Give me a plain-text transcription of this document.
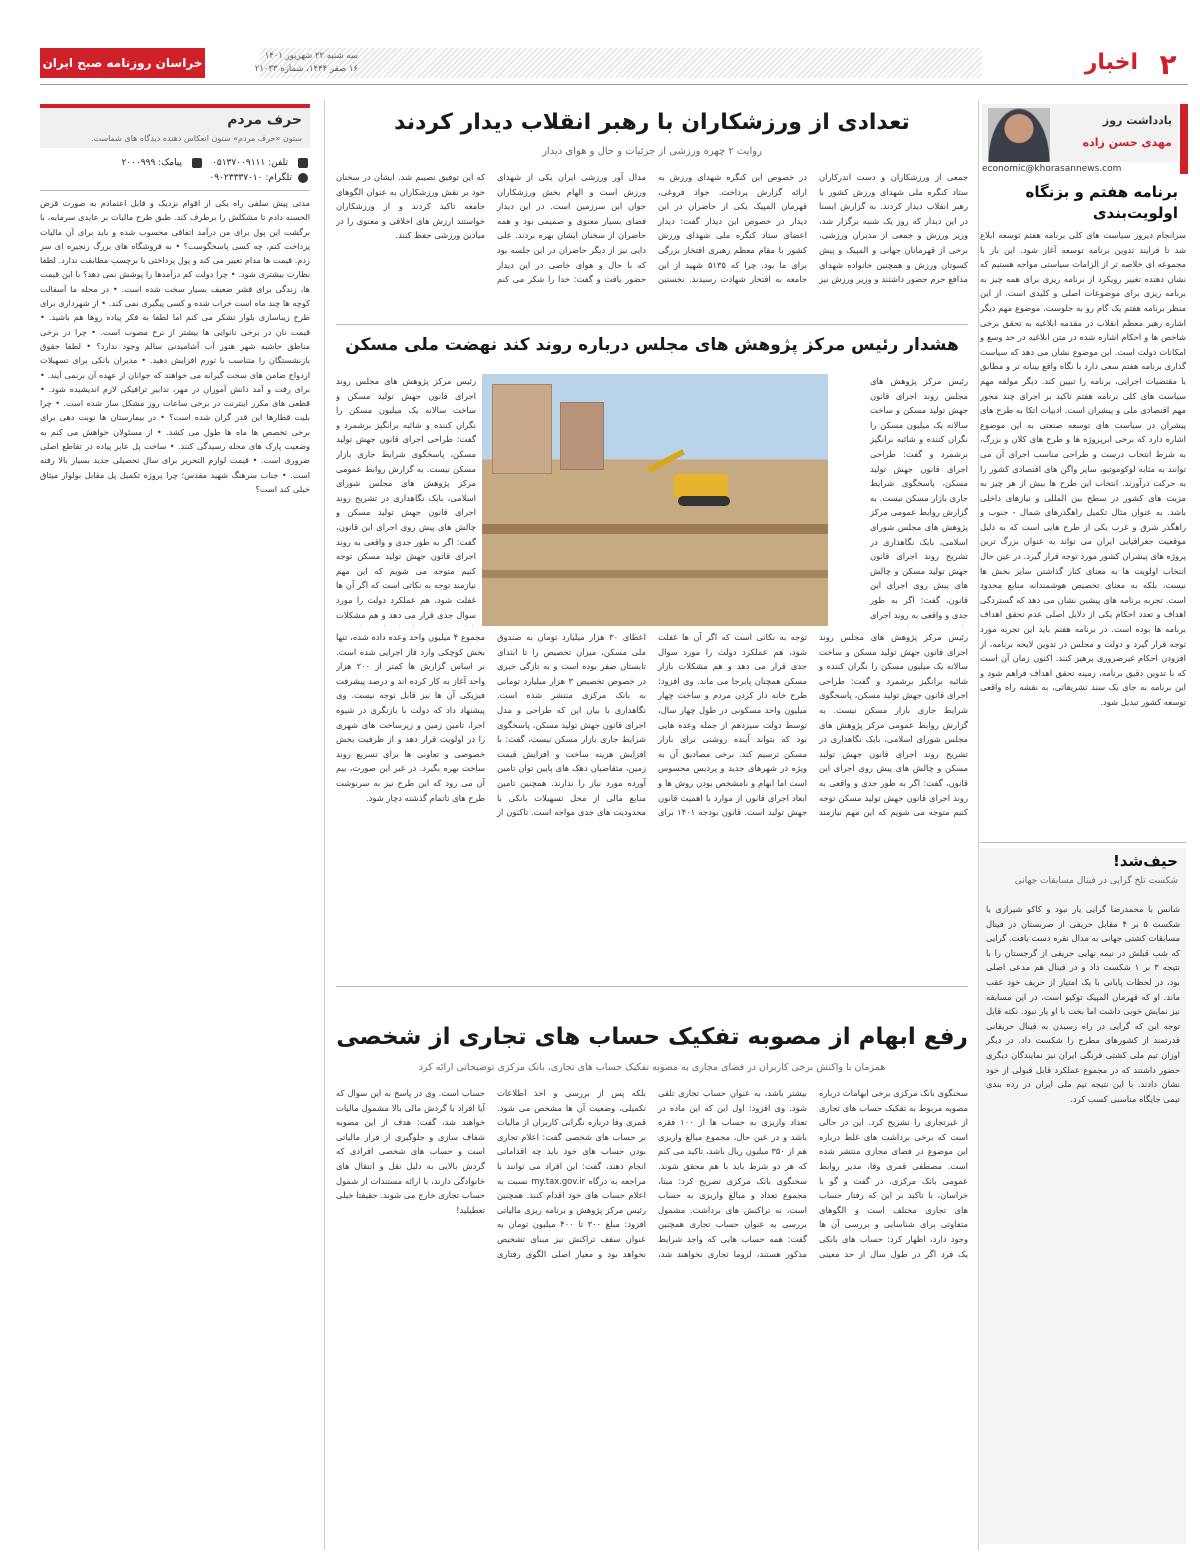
۲
اخبار
خراسان روزنامه صبح ایران	سه شنبه ۲۲ شهریور ۱۴۰۱
۱۶ صفر ۱۴۴۴، شماره ۲۱۰۳۳
یادداشت روز
مهدی حسن زاده
economic@khorasannews.com
برنامه هفتم و بزنگاه اولویت‌بندی
سرانجام دیروز سیاست های کلی برنامه هفتم توسعه ابلاغ شد تا فرایند تدوین برنامه توسعه آغاز شود. این بار با مجموعه ای خلاصه تر از الزامات سیاستی مواجه هستیم که نشان دهنده تغییر رویکرد از برنامه ریزی برای همه چیز به برنامه ریزی برای موضوعات اصلی و کلیدی است. از این منظر برنامه هفتم یک گام رو به جلوست. موضوع مهم دیگر اشاره رهبر معظم انقلاب در مقدمه ابلاغیه به تحقق برخی شاخص ها و احکام اشاره شده در متن ابلاغیه در حد وسع و امکانات دولت است. این موضوع نشان می دهد که سیاست گذاری برنامه هفتم سعی دارد با نگاه واقع بینانه تر و مطابق با مقتضیات اجرایی، برنامه را تبیین کند. دیگر مولفه مهم سیاست های کلی برنامه هفتم تاکید بر اجرای چند محور مهم اقتصادی ملی و پیشران است. ادبیات اتکا به طرح های پیشران در سیاست های توسعه صنعتی به این موضوع اشاره دارد که برخی ابرپروژه ها و طرح های کلان و بزرگ، به شرط انتخاب درست و طراحی مناسب اجرای آن می توانند به مثابه لوکوموتیو، سایر واگن های اقتصادی کشور را به حرکت درآورند. انتخاب این طرح ها بیش از هر چیز به مزیت های کشور در سطح بین المللی و نیازهای داخلی باشد. به عنوان مثال تکمیل راهگذرهای شمال - جنوب و راهگذر شرق و غرب یکی از طرح هایی است که به دلیل موقعیت جغرافیایی ایران می تواند به عنوان بزرگ ترین پروژه های پیشران کشور مورد توجه قرار گیرد. در عین حال انتخاب اولویت ها به معنای کنار گذاشتن سایر بخش ها نیست، بلکه به معنای تخصیص هوشمندانه منابع محدود است. تجربه برنامه های پیشین نشان می دهد که گستردگی اهداف و تعدد احکام یکی از دلایل اصلی عدم تحقق اهداف برنامه ها بوده است. در برنامه هفتم باید این تجربه مورد توجه قرار گیرد و دولت و مجلس در تدوین لایحه برنامه، از افزودن احکام غیرضروری پرهیز کنند. اکنون زمان آن است که با تدوین دقیق برنامه، زمینه تحقق اهداف فراهم شود و این برنامه به جای یک سند تشریفاتی، به نقشه راه واقعی توسعه کشور تبدیل شود.
حیف‌شد!
شکست تلخ گرایی در فینال مسابقات جهانی
شانس با محمدرضا گرایی یار نبود و کاکو شیرازی با شکست ۵ بر ۴ مقابل حریفی از صربستان در فینال مسابقات کشتی جهانی به مدال نقره دست یافت. گرایی که شب قبلش در نیمه نهایی حریفی از گرجستان را با نتیجه ۳ بر ۱ شکست داد و در فینال هم مدعی اصلی بود، در لحظات پایانی با یک امتیاز از حریف خود عقب ماند. او که قهرمان المپیک توکیو است، در این مسابقه نیز نمایش خوبی داشت اما بخت با او یار نبود. نکته قابل توجه این که گرایی در راه رسیدن به فینال حریفانی قدرتمند از کشورهای مطرح را شکست داد. در دیگر اوزان تیم ملی کشتی فرنگی ایران نیز نمایندگان دیگری حضور داشتند که در مجموع عملکرد قابل قبولی از خود نشان دادند. با این نتیجه تیم ملی ایران در رده بندی تیمی جایگاه مناسبی کسب کرد.
تعدادی از ورزشکاران با رهبر انقلاب دیدار کردند
روایت ۲ چهره ورزشی از جزئیات و حال و هوای دیدار
جمعی از ورزشکاران و دست اندرکاران ستاد کنگره ملی شهدای ورزش کشور با رهبر انقلاب دیدار کردند. به گزارش ایسنا در این دیدار که روز یک شنبه برگزار شد، وزیر ورزش و جمعی از مدیران ورزشی، برخی از قهرمانان جهانی و المپیک و پیش کسوتان ورزش و همچنین خانواده شهدای مدافع حرم حضور داشتند و وزیر ورزش نیز در خصوص این کنگره شهدای ورزش به ارائه گزارش پرداخت. جواد فروغی، قهرمان المپیک یکی از حاضران در این دیدار در خصوص این دیدار گفت: دیدار اعضای ستاد کنگره ملی شهدای ورزش کشور با مقام معظم رهبری افتخار بزرگی برای ما بود. چرا که ۵۱۳۵ شهید از این جامعه به افتخار شهادت رسیدند. نخستین مدال آور ورزشی ایران یکی از شهدای ورزش است و الهام بخش ورزشکاران جوان این سرزمین است. در این دیدار فضای بسیار معنوی و صمیمی بود و همه حاضران از سخنان ایشان بهره بردند. علی دایی نیز از دیگر حاضران در این جلسه بود که با حال و هوای خاصی در این دیدار حضور یافت و گفت: خدا را شکر می کنم که این توفیق نصیبم شد. ایشان در سخنان خود بر نقش ورزشکاران به عنوان الگوهای جامعه تاکید کردند و از ورزشکاران خواستند ارزش های اخلاقی و معنوی را در میادین ورزشی حفظ کنند.
هشدار رئیس مرکز پژوهش های مجلس درباره روند کند نهضت ملی مسکن
رئیس مرکز پژوهش های مجلس روند اجرای قانون جهش تولید مسکن و ساخت سالانه یک میلیون مسکن را نگران کننده و شائبه برانگیز برشمرد و گفت: طراحی اجرای قانون جهش تولید مسکن، پاسخگوی شرایط جاری بازار مسکن نیست. به گزارش روابط عمومی مرکز پژوهش های مجلس شورای اسلامی، بابک نگاهداری در تشریح روند اجرای قانون جهش تولید مسکن و چالش های پیش روی اجرای این قانون، گفت: اگر به طور جدی و واقعی به روند اجرای
رئیس مرکز پژوهش های مجلس روند اجرای قانون جهش تولید مسکن و ساخت سالانه یک میلیون مسکن را نگران کننده و شائبه برانگیز برشمرد و گفت: طراحی اجرای قانون جهش تولید مسکن، پاسخگوی شرایط جاری بازار مسکن نیست. به گزارش روابط عمومی مرکز پژوهش های مجلس شورای اسلامی، بابک نگاهداری در تشریح روند اجرای قانون جهش تولید مسکن و چالش های پیش روی اجرای این قانون، گفت: اگر به طور جدی و واقعی به روند اجرای قانون جهش تولید مسکن توجه کنیم متوجه می شویم که این مهم نیازمند توجه به نکاتی است که اگر آن ها غفلت شود، هم عملکرد دولت را مورد سوال جدی قرار می دهد و هم مشکلات
رئیس مرکز پژوهش های مجلس روند اجرای قانون جهش تولید مسکن و ساخت سالانه یک میلیون مسکن را نگران کننده و شائبه برانگیز برشمرد و گفت: طراحی اجرای قانون جهش تولید مسکن، پاسخگوی شرایط جاری بازار مسکن نیست. به گزارش روابط عمومی مرکز پژوهش های مجلس شورای اسلامی، بابک نگاهداری در تشریح روند اجرای قانون جهش تولید مسکن و چالش های پیش روی اجرای این قانون، گفت: اگر به طور جدی و واقعی به روند اجرای قانون جهش تولید مسکن توجه کنیم متوجه می شویم که این مهم نیازمند توجه به نکاتی است که اگر آن ها غفلت شود، هم عملکرد دولت را مورد سوال جدی قرار می دهد و هم مشکلات بازار مسکن همچنان پابرجا می ماند. وی افزود: طرح خانه دار کردن مردم و ساخت چهار میلیون واحد مسکونی در طول چهار سال، توسط دولت سیزدهم از جمله وعده هایی بود که بتواند آینده روشنی برای بازار مسکن ترسیم کند. برخی مصادیق آن به ویژه در شهرهای جدید و پردیس محسوس است اما ابهام و نامشخص بودن روش ها و ابعاد اجرای قانون از موارد با اهمیت قانون جهش تولید است. قانون بودجه ۱۴۰۱ برای اعطای ۳۰ هزار میلیارد تومان به صندوق ملی مسکن، میزان تخصیص را تا ابتدای تابستان صفر بوده است و به تازگی خبری در خصوص تخصیص ۳ هزار میلیارد تومانی به بانک مرکزی منتشر شده است. نگاهداری با بیان این که طراحی و مدل اجرای قانون جهش تولید مسکن، پاسخگوی شرایط جاری بازار مسکن نیست، گفت: با افزایش هزینه ساخت و افزایش قیمت زمین، متقاضیان دهک های پایین توان تامین آورده مورد نیاز را ندارند. همچنین تامین منابع مالی از محل تسهیلات بانکی با محدودیت های جدی مواجه است. تاکنون از مجموع ۴ میلیون واحد وعده داده شده، تنها بخش کوچکی وارد فاز اجرایی شده است. بر اساس گزارش ها کمتر از ۲۰۰ هزار واحد آغاز به کار کرده اند و درصد پیشرفت فیزیکی آن ها نیز قابل توجه نیست. وی پیشنهاد داد که دولت با بازنگری در شیوه اجرا، تامین زمین و زیرساخت های شهری را در اولویت قرار دهد و از ظرفیت بخش خصوصی و تعاونی ها برای تسریع روند ساخت بهره بگیرد. در غیر این صورت، بیم آن می رود که این طرح نیز به سرنوشت طرح های ناتمام گذشته دچار شود.
رفع ابهام از مصوبه تفکیک حساب های تجاری از شخصی
همزمان با واکنش برخی کاربران در فضای مجازی به مصوبه تفکیک حساب های تجاری، بانک مرکزی توضیحاتی ارائه کرد
سخنگوی بانک مرکزی برخی ابهامات درباره مصوبه مربوط به تفکیک حساب های تجاری از غیرتجاری را تشریح کرد. این در حالی است که برخی برداشت های غلط درباره این موضوع در فضای مجازی منتشر شده است. مصطفی قمری وفا، مدیر روابط عمومی بانک مرکزی، در گفت و گو با خراسان، با تاکید بر این که رفتار حساب های تجاری مختلف است و الگوهای متفاوتی برای شناسایی و بررسی آن ها وجود دارد، اظهار کرد: حساب های بانکی یک فرد اگر در طول سال از حد معینی بیشتر باشد، به عنوان حساب تجاری تلقی شود. وی افزود: اول این که این ماده در تعداد واریزی به حساب ها از ۱۰۰ فقره باشد و در عین حال، مجموع مبالغ واریزی هم از ۳۵۰ میلیون ریال باشد، تاکید می کنم که هر دو شرط باید با هم محقق شوند. سخنگوی بانک مرکزی تصریح کرد: مبنا، مجموع تعداد و مبالغ واریزی به حساب است، نه تراکنش های برداشت. مشمول بررسی به عنوان حساب تجاری همچنین گفت: همه حساب هایی که واجد شرایط مذکور هستند، لزوما تجاری نخواهند شد، بلکه پس از بررسی و اخذ اطلاعات تکمیلی، وضعیت آن ها مشخص می شود. قمری وفا درباره نگرانی کاربران از مالیات بر حساب های شخصی گفت: اعلام تجاری بودن حساب های خود باید چه اقداماتی انجام دهند، گفت: این افراد می توانند با مراجعه به درگاه my.tax.gov.ir نسبت به اعلام حساب های خود اقدام کنند. همچنین رئیس مرکز پژوهش و برنامه ریزی مالیاتی افزود: مبلغ ۳۰۰ تا ۴۰۰ میلیون تومان به عنوان سقف تراکنش نیز مبنای تشخیص نخواهد بود و معیار اصلی الگوی رفتاری حساب است. وی در پاسخ به این سوال که آیا افراد با گردش مالی بالا مشمول مالیات خواهند شد، گفت: هدف از این مصوبه شفاف سازی و جلوگیری از فرار مالیاتی است و حساب های شخصی افرادی که گردش بالایی به دلیل نقل و انتقال های خانوادگی دارند، با ارائه مستندات از شمول حساب تجاری خارج می شوند. حقیقتا خیلی تعطیلید!
حرف مردم
ستون «حرف مردم» ستون انعکاس دهنده دیدگاه های شماست.
تلفن: ۰۵۱۳۷۰۰۹۱۱۱
پیامک: ۲۰۰۰۹۹۹
تلگرام: ۰۹۰۲۳۳۳۷۰۱۰
مدتی پیش سلفی راه یکی از اقوام نزدیک و قابل اعتمادم به صورت قرض الحسنه دادم تا مشکلش را برطرف کند. طبق طرح مالیات بر عایدی سرمایه، با برگشت این پول برای من درآمد اتفاقی محسوب شده و باید برای آن مالیات پرداخت کنم، چه کسی پاسخگوست؟ • به فروشگاه های بزرگ زنجیره ای سر زدم. قیمت ها مدام تغییر می کند و پول پرداختی با برچسب مطابقت ندارد. لطفا نظارت بیشتری شود. • چرا دولت کم درآمدها را پوشش نمی دهد؟ با این قیمت ها، زندگی برای قشر ضعیف بسیار سخت شده است. • در محله ما آسفالت کوچه ها چند ماه است خراب شده و کسی پیگیری نمی کند. • از شهرداری برای طرح زیباسازی بلوار تشکر می کنم اما لطفا به فکر پیاده روها هم باشید. • قیمت نان در برخی نانوایی ها بیشتر از نرخ مصوب است. • چرا در برخی مناطق حاشیه شهر هنوز آب آشامیدنی سالم وجود ندارد؟ • لطفا حقوق بازنشستگان را متناسب با تورم افزایش دهید. • مدیران بانکی برای تسهیلات ازدواج ضامن های سخت گیرانه می خواهند که جوانان از عهده آن برنمی آیند. • برای رفت و آمد دانش آموزان در مهر، تدابیر ترافیکی لازم اندیشیده شود. • قطعی های مکرر اینترنت در برخی ساعات روز مشکل ساز شده است. • چرا بلیت قطارها این قدر گران شده است؟ • در بیمارستان ها نوبت دهی برای برخی تخصص ها ماه ها طول می کشد. • از مسئولان خواهش می کنم به وضعیت پارک های محله رسیدگی کنند. • ساخت پل عابر پیاده در تقاطع اصلی ضروری است. • قیمت لوازم التحریر برای سال تحصیلی جدید بسیار بالا رفته است. • جناب سرهنگ شهید مقدس؛ چرا پروژه تکمیل پل مقابل بولوار میثاق خیلی کند است؟
